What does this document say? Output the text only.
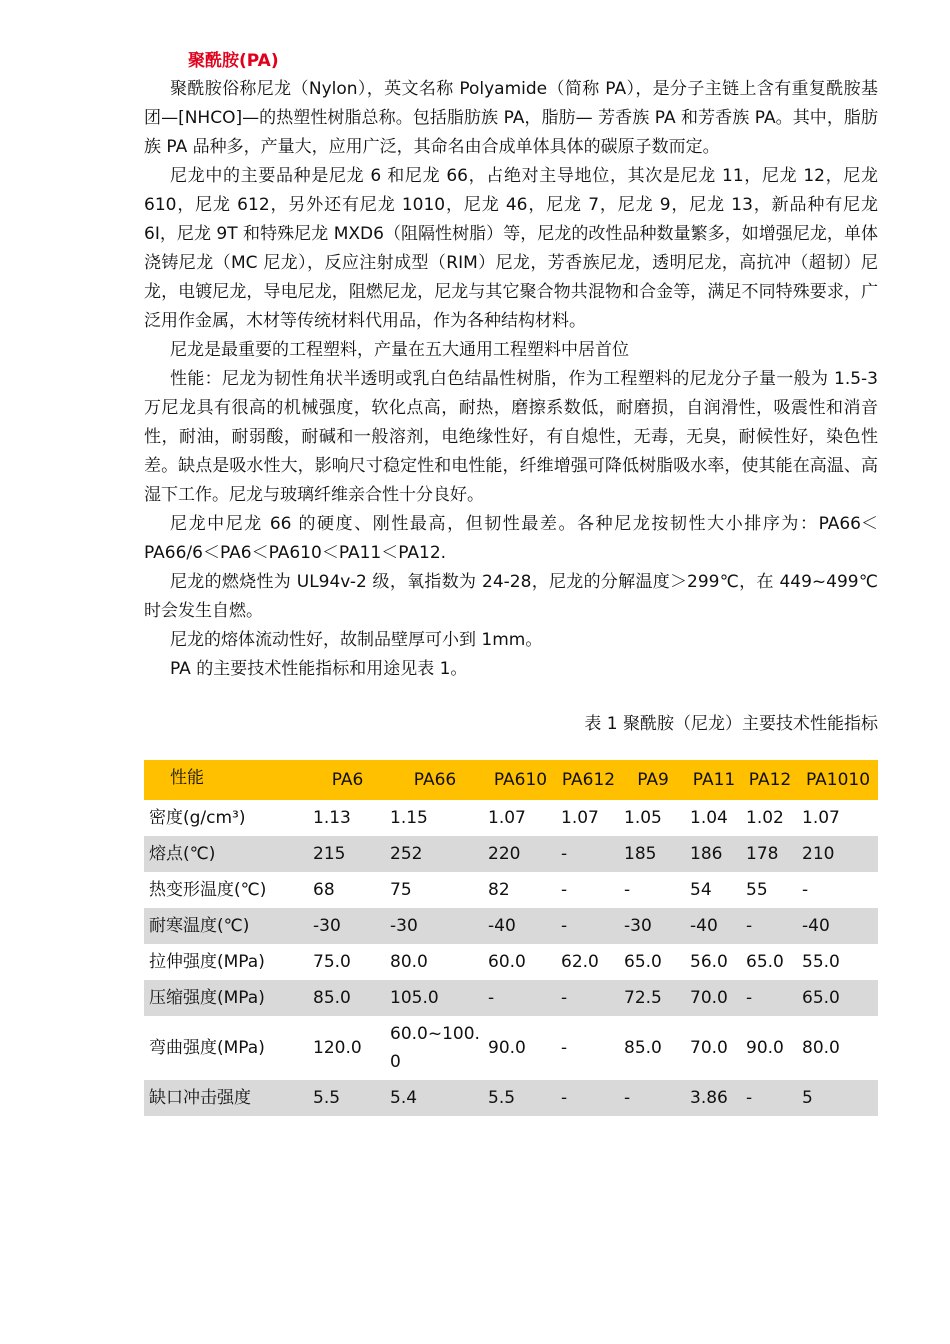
聚酰胺(PA)

聚酰胺俗称尼龙（Nylon），英文名称 Polyamide（简称 PA），是分子主链上含有重复酰胺基团—[NHCO]—的热塑性树脂总称。包括脂肪族 PA，脂肪— 芳香族 PA 和芳香族 PA。其中，脂肪族 PA 品种多，产量大，应用广泛，其命名由合成单体具体的碳原子数而定。

尼龙中的主要品种是尼龙 6 和尼龙 66，占绝对主导地位，其次是尼龙 11，尼龙 12，尼龙 610，尼龙 612，另外还有尼龙 1010，尼龙 46，尼龙 7，尼龙 9，尼龙 13，新品种有尼龙 6I，尼龙 9T 和特殊尼龙 MXD6（阻隔性树脂）等，尼龙的改性品种数量繁多，如增强尼龙，单体浇铸尼龙（MC 尼龙），反应注射成型（RIM）尼龙，芳香族尼龙，透明尼龙，高抗冲（超韧）尼龙，电镀尼龙，导电尼龙，阻燃尼龙，尼龙与其它聚合物共混物和合金等，满足不同特殊要求，广泛用作金属，木材等传统材料代用品，作为各种结构材料。

尼龙是最重要的工程塑料，产量在五大通用工程塑料中居首位

性能：尼龙为韧性角状半透明或乳白色结晶性树脂，作为工程塑料的尼龙分子量一般为 1.5-3 万尼龙具有很高的机械强度，软化点高，耐热，磨擦系数低，耐磨损，自润滑性，吸震性和消音性，耐油，耐弱酸，耐碱和一般溶剂，电绝缘性好，有自熄性，无毒，无臭，耐候性好，染色性差。缺点是吸水性大，影响尺寸稳定性和电性能，纤维增强可降低树脂吸水率，使其能在高温、高湿下工作。尼龙与玻璃纤维亲合性十分良好。

尼龙中尼龙 66 的硬度、刚性最高，但韧性最差。各种尼龙按韧性大小排序为：PA66＜PA66/6＜PA6＜PA610＜PA11＜PA12.

尼龙的燃烧性为 UL94v-2 级，氧指数为 24-28，尼龙的分解温度＞299℃，在 449~499℃时会发生自燃。

尼龙的熔体流动性好，故制品壁厚可小到 1mm。

PA 的主要技术性能指标和用途见表 1。

表 1 聚酰胺（尼龙）主要技术性能指标
性能	PA6	PA66	PA610	PA612	PA9	PA11	PA12	PA1010
密度(g/cm³)	1.13	1.15	1.07	1.07	1.05	1.04	1.02	1.07
熔点(℃)	215	252	220	-	185	186	178	210
热变形温度(℃)	68	75	82	-	-	54	55	-
耐寒温度(℃)	-30	-30	-40	-	-30	-40	-	-40
拉伸强度(MPa)	75.0	80.0	60.0	62.0	65.0	56.0	65.0	55.0
压缩强度(MPa)	85.0	105.0	-	-	72.5	70.0	-	65.0
弯曲强度(MPa)	120.0	60.0~100.0	90.0	-	85.0	70.0	90.0	80.0
缺口冲击强度	5.5	5.4	5.5	-	-	3.86	-	5
